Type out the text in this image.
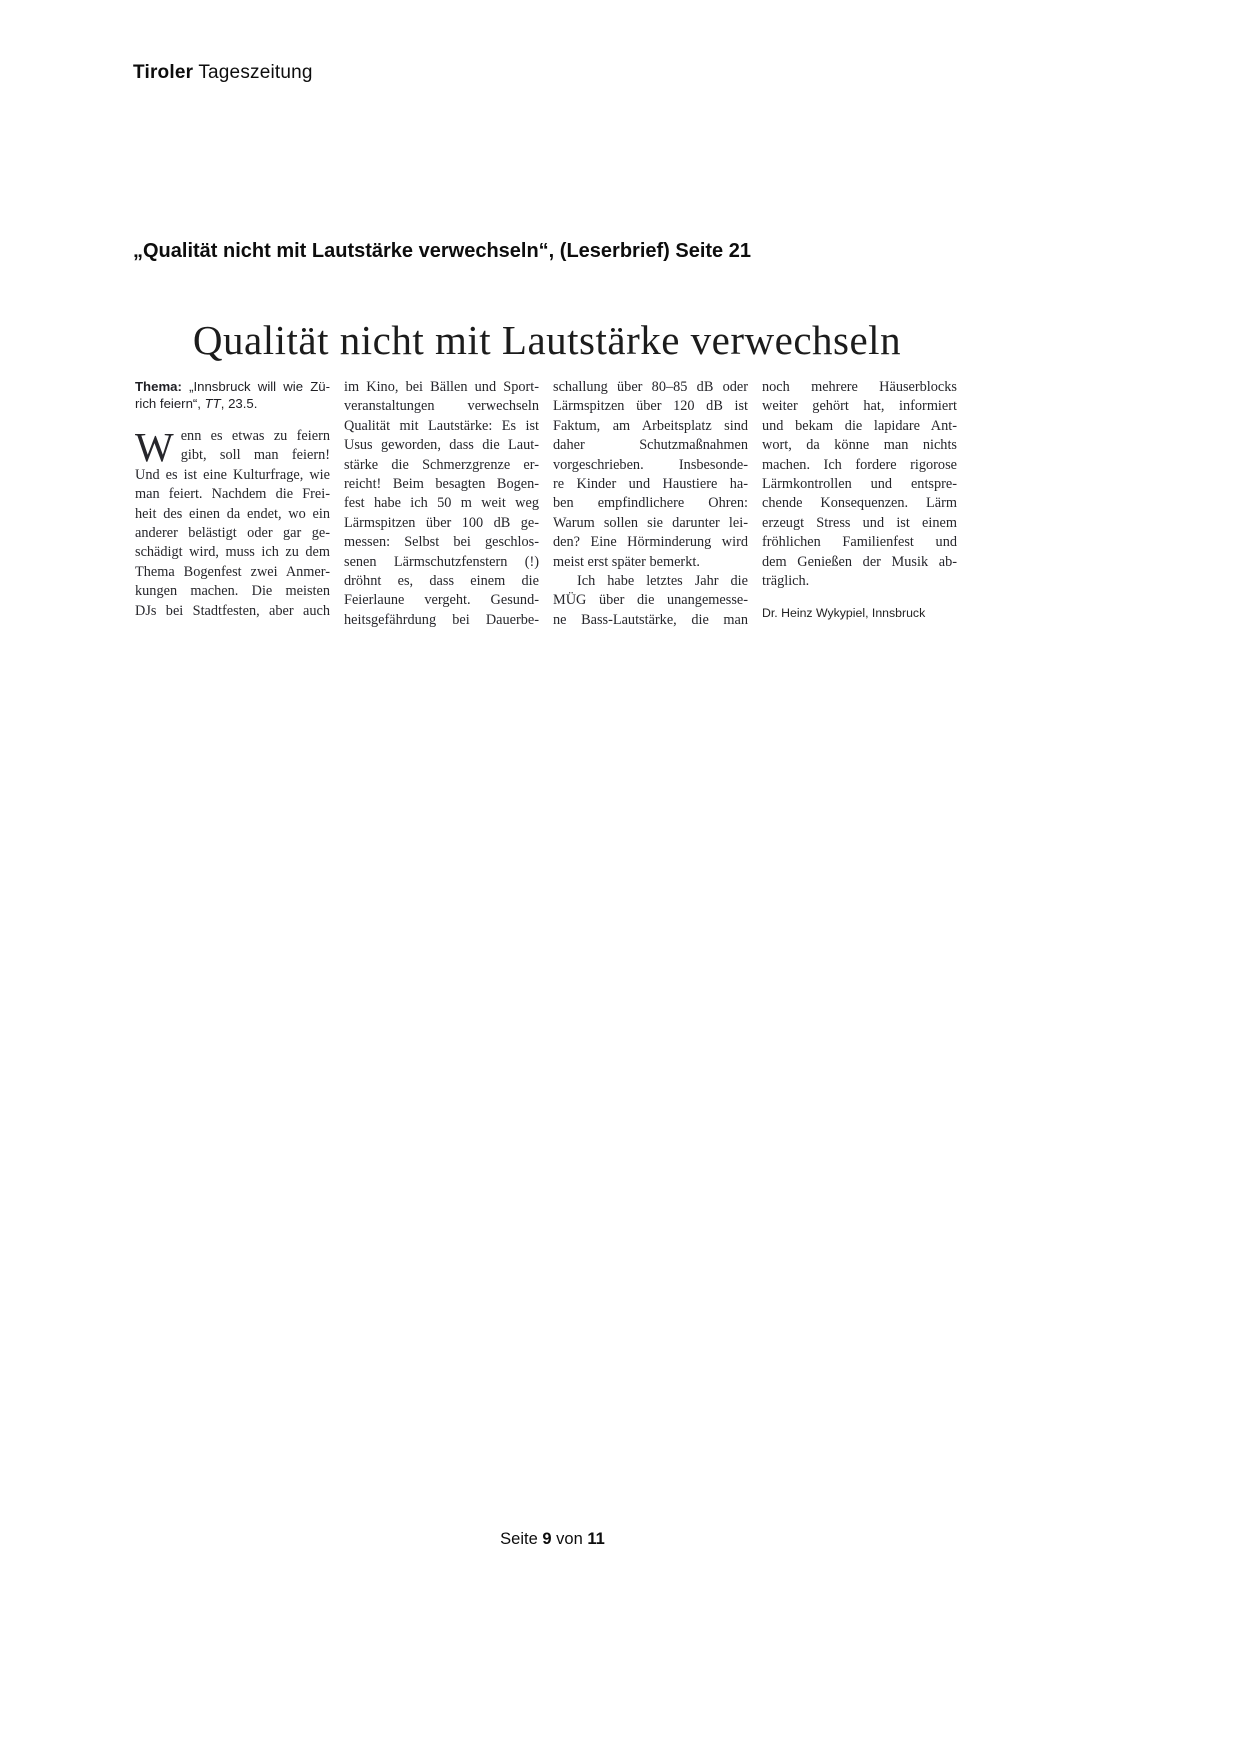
Tiroler Tageszeitung
„Qualität nicht mit Lautstärke verwechseln“, (Leserbrief) Seite 21
Qualität nicht mit Lautstärke verwechseln
Thema: „Innsbruck will wie Zü-
rich feiern“, TT, 23.5.
W enn es etwas zu feiern
gibt, soll man feiern!
Und es ist eine Kulturfrage, wie
man feiert. Nachdem die Frei-
heit des einen da endet, wo ein
anderer belästigt oder gar ge-
schädigt wird, muss ich zu dem
Thema Bogenfest zwei Anmer-
kungen machen. Die meisten
DJs bei Stadtfesten, aber auch
im Kino, bei Bällen und Sport-
veranstaltungen verwechseln
Qualität mit Lautstärke: Es ist
Usus geworden, dass die Laut-
stärke die Schmerzgrenze er-
reicht! Beim besagten Bogen-
fest habe ich 50 m weit weg
Lärmspitzen über 100 dB ge-
messen: Selbst bei geschlos-
senen Lärmschutzfenstern (!)
dröhnt es, dass einem die
Feierlaune vergeht. Gesund-
heitsgefährdung bei Dauerbe-
schallung über 80–85 dB oder
Lärmspitzen über 120 dB ist
Faktum, am Arbeitsplatz sind
daher Schutzmaßnahmen
vorgeschrieben. Insbesonde-
re Kinder und Haustiere ha-
ben empfindlichere Ohren:
Warum sollen sie darunter lei-
den? Eine Hörminderung wird
meist erst später bemerkt.
Ich habe letztes Jahr die
MÜG über die unangemesse-
ne Bass-Lautstärke, die man
noch mehrere Häuserblocks
weiter gehört hat, informiert
und bekam die lapidare Ant-
wort, da könne man nichts
machen. Ich fordere rigorose
Lärmkontrollen und entspre-
chende Konsequenzen. Lärm
erzeugt Stress und ist einem
fröhlichen Familienfest und
dem Genießen der Musik ab-
träglich.
Dr. Heinz Wykypiel, Innsbruck
Seite 9 von 11
